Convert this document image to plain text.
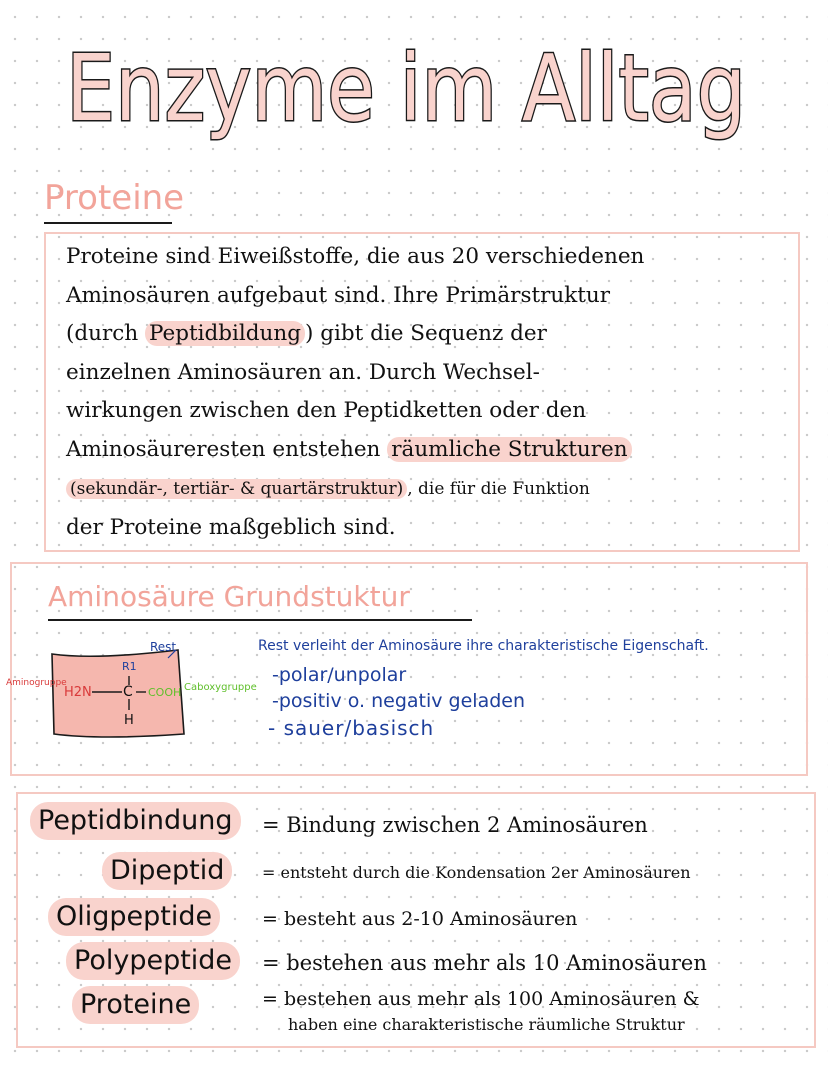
Enzyme im Alltag
Proteine
Proteine sind Eiweißstoffe, die aus 20 verschiedenen
Aminosäuren aufgebaut sind. Ihre Primärstruktur
(durch Peptidbildung ) gibt die Sequenz der
einzelnen Aminosäuren an. Durch Wechsel-
wirkungen zwischen den Peptidketten oder den
Aminosäureresten entstehen räumliche Strukturen
(sekundär-, tertiär- & quartärstruktur) , die für die Funktion
der Proteine maßgeblich sind.
Aminosäure Grundstuktur
Rest
R1
Aminogruppe
H2N C
H
COOH Caboxygruppe
Rest verleiht der Aminosäure ihre charakteristische Eigenschaft.
-polar/unpolar
-positiv o. negativ geladen
- sauer/basisch
Peptidbindung	= Bindung zwischen 2 Aminosäuren
Dipeptid	= entsteht durch die Kondensation 2er Aminosäuren
Oligpeptide	= besteht aus 2-10 Aminosäuren
Polypeptide	= bestehen aus mehr als 10 Aminosäuren
Proteine	= bestehen aus mehr als 100 Aminosäuren &
haben eine charakteristische räumliche Struktur
